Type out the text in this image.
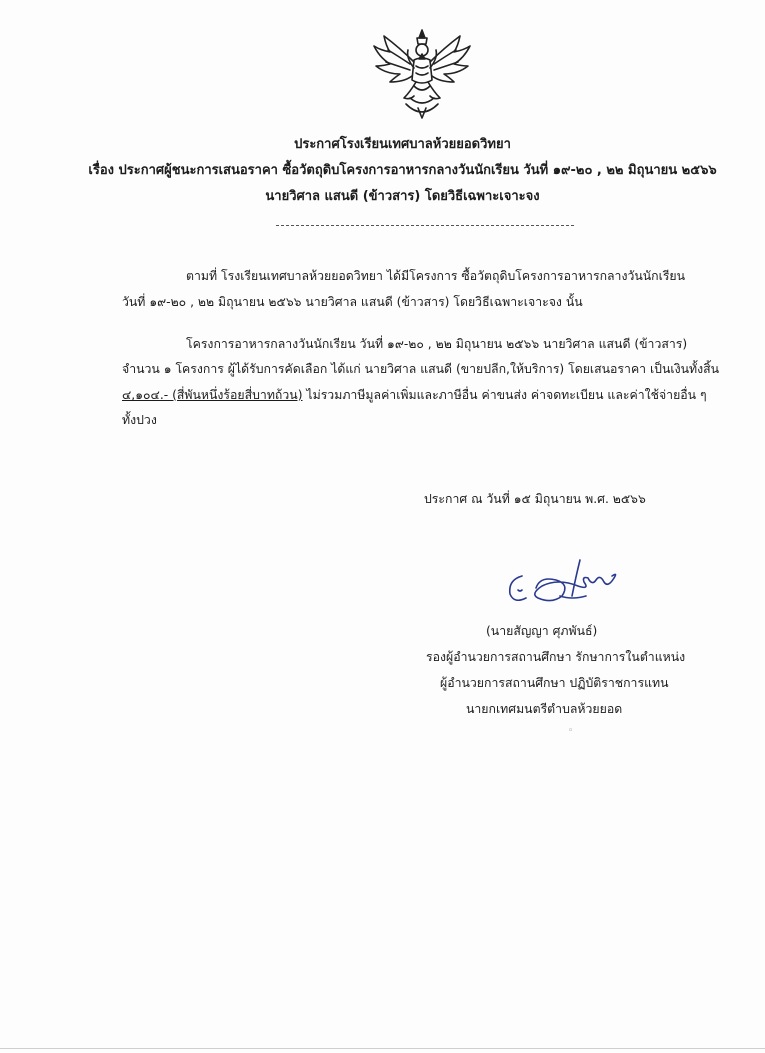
ประกาศโรงเรียนเทศบาลห้วยยอดวิทยา
เรื่อง ประกาศผู้ชนะการเสนอราคา ซื้อวัตถุดิบโครงการอาหารกลางวันนักเรียน วันที่ ๑๙-๒๐ , ๒๒ มิถุนายน ๒๕๖๖
นายวิศาล แสนดี (ข้าวสาร) โดยวิธีเฉพาะเจาะจง
ตามที่ โรงเรียนเทศบาลห้วยยอดวิทยา ได้มีโครงการ ซื้อวัตถุดิบโครงการอาหารกลางวันนักเรียน
วันที่ ๑๙-๒๐ , ๒๒ มิถุนายน ๒๕๖๖ นายวิศาล แสนดี (ข้าวสาร) โดยวิธีเฉพาะเจาะจง นั้น
โครงการอาหารกลางวันนักเรียน วันที่ ๑๙-๒๐ , ๒๒ มิถุนายน ๒๕๖๖ นายวิศาล แสนดี (ข้าวสาร)
จำนวน ๑ โครงการ ผู้ได้รับการคัดเลือก ได้แก่ นายวิศาล แสนดี (ขายปลีก,ให้บริการ) โดยเสนอราคา เป็นเงินทั้งสิ้น
๔,๑๐๔.- (สี่พันหนึ่งร้อยสี่บาทถ้วน) ไม่รวมภาษีมูลค่าเพิ่มและภาษีอื่น ค่าขนส่ง ค่าจดทะเบียน และค่าใช้จ่ายอื่น ๆ
ทั้งปวง
ประกาศ ณ วันที่ ๑๕ มิถุนายน พ.ศ. ๒๕๖๖
(นายสัญญา ศุภพันธ์)
รองผู้อำนวยการสถานศึกษา รักษาการในตำแหน่ง
ผู้อำนวยการสถานศึกษา ปฏิบัติราชการแทน
นายกเทศมนตรีตำบลห้วยยอด
◦
